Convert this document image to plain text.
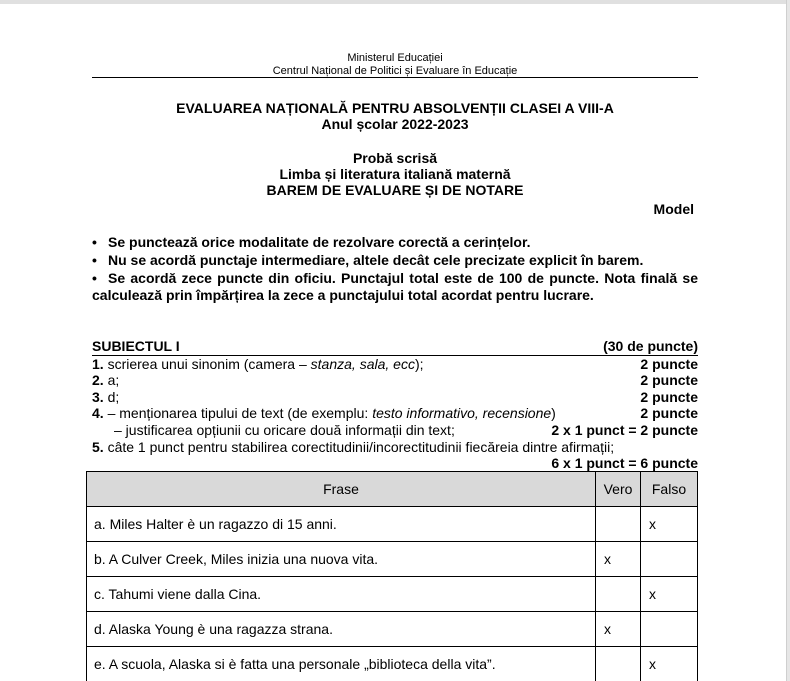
Ministerul Educației
Centrul Național de Politici și Evaluare în Educație
EVALUAREA NAȚIONALĂ PENTRU ABSOLVENȚII CLASEI A VIII-A
Anul școlar 2022-2023
Probă scrisă
Limba și literatura italiană maternă
BAREM DE EVALUARE ȘI DE NOTARE
Model
• Se punctează orice modalitate de rezolvare corectă a cerințelor.
• Nu se acordă punctaje intermediare, altele decât cele precizate explicit în barem.
• Se acordă zece puncte din oficiu. Punctajul total este de 100 de puncte. Nota finală se calculează prin împărțirea la zece a punctajului total acordat pentru lucrare.
SUBIECTUL I	(30 de puncte)
1. scrierea unui sinonim (camera – stanza, sala, ecc);	2 puncte
2. a;	2 puncte
3. d;	2 puncte
4. – menționarea tipului de text (de exemplu: testo informativo, recensione)	2 puncte
– justificarea opțiunii cu oricare două informații din text;	2 x 1 punct = 2 puncte
5. câte 1 punct pentru stabilirea corectitudinii/incorectitudinii fiecăreia dintre afirmații;
6 x 1 punct = 6 puncte
Frase	Vero	Falso
a. Miles Halter è un ragazzo di 15 anni.		x
b. A Culver Creek, Miles inizia una nuova vita.	x	
c. Tahumi viene dalla Cina.		x
d. Alaska Young è una ragazza strana.	x	
e. A scuola, Alaska si è fatta una personale „biblioteca della vita”.		x
